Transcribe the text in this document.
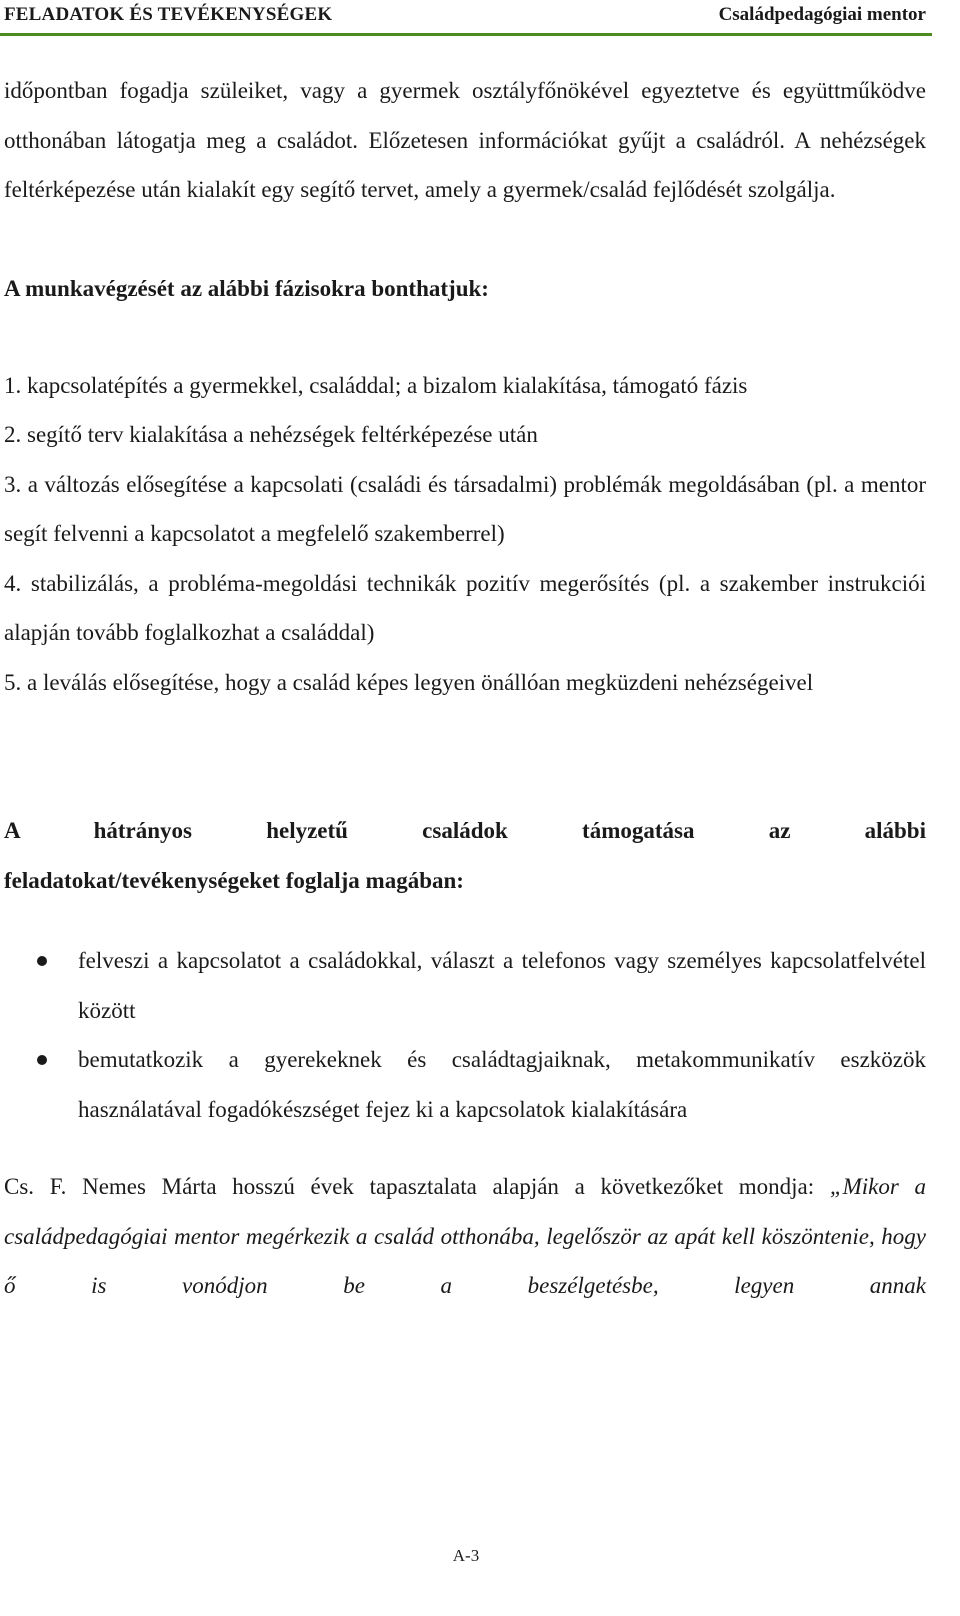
FELADATOK ÉS TEVÉKENYSÉGEK	Családpedagógiai mentor

időpontban fogadja szüleiket, vagy a gyermek osztályfőnökével egyeztetve és együttműködve otthonában látogatja meg a családot. Előzetesen információkat gyűjt a családról. A nehézségek feltérképezése után kialakít egy segítő tervet, amely a gyermek/család fejlődését szolgálja.

A munkavégzését az alábbi fázisokra bonthatjuk:

1. kapcsolatépítés a gyermekkel, családdal; a bizalom kialakítása, támogató fázis

2. segítő terv kialakítása a nehézségek feltérképezése után

3. a változás elősegítése a kapcsolati (családi és társadalmi) problémák megoldásában (pl. a mentor segít felvenni a kapcsolatot a megfelelő szakemberrel)

4. stabilizálás, a probléma-megoldási technikák pozitív megerősítés (pl. a szakember instrukciói alapján tovább foglalkozhat a családdal)

5. a leválás elősegítése, hogy a család képes legyen önállóan megküzdeni nehézségeivel

A hátrányos helyzetű családok támogatása az alábbi
feladatokat/tevékenységeket foglalja magában:

felveszi a kapcsolatot a családokkal, választ a telefonos vagy személyes kapcsolatfelvétel között
bemutatkozik a gyerekeknek és családtagjaiknak, metakommunikatív eszközök használatával fogadókészséget fejez ki a kapcsolatok kialakítására

Cs. F. Nemes Márta hosszú évek tapasztalata alapján a következőket mondja: „Mikor a családpedagógiai mentor megérkezik a család otthonába, legelőször az apát kell köszöntenie, hogy ő is vonódjon be a beszélgetésbe, legyen annak

A-3
